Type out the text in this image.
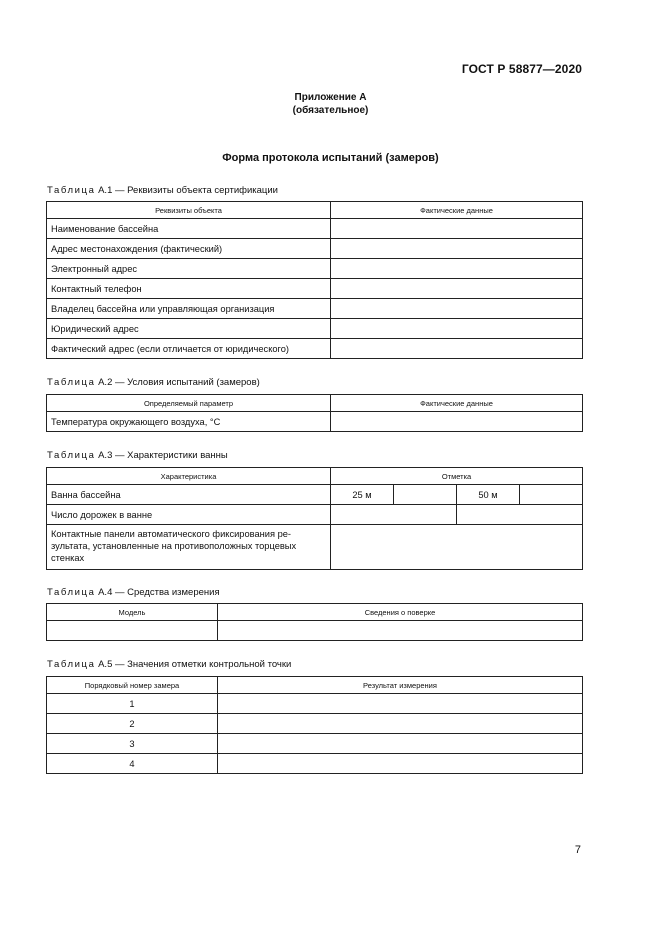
ГОСТ Р 58877—2020
Приложение А
(обязательное)
Форма протокола испытаний (замеров)
Таблица А.1 — Реквизиты объекта сертификации
Реквизиты объекта	Фактические данные
Наименование бассейна	
Адрес местонахождения (фактический)	
Электронный адрес	
Контактный телефон	
Владелец бассейна или управляющая организация	
Юридический адрес	
Фактический адрес (если отличается от юридического)	
Таблица А.2 — Условия испытаний (замеров)
Определяемый параметр	Фактические данные
Температура окружающего воздуха, °С	
Таблица А.3 — Характеристики ванны
Характеристика	Отметка			
Ванна бассейна	25 м		50 м	
Число дорожек в ванне				
Контактные панели автоматического фиксирования ре- зультата, установленные на противоположных торцевых стенках				
Таблица А.4 — Средства измерения
Модель	Сведения о поверке

Таблица А.5 — Значения отметки контрольной точки
Порядковый номер замера	Результат измерения
1	
2	
3	
4	
7
